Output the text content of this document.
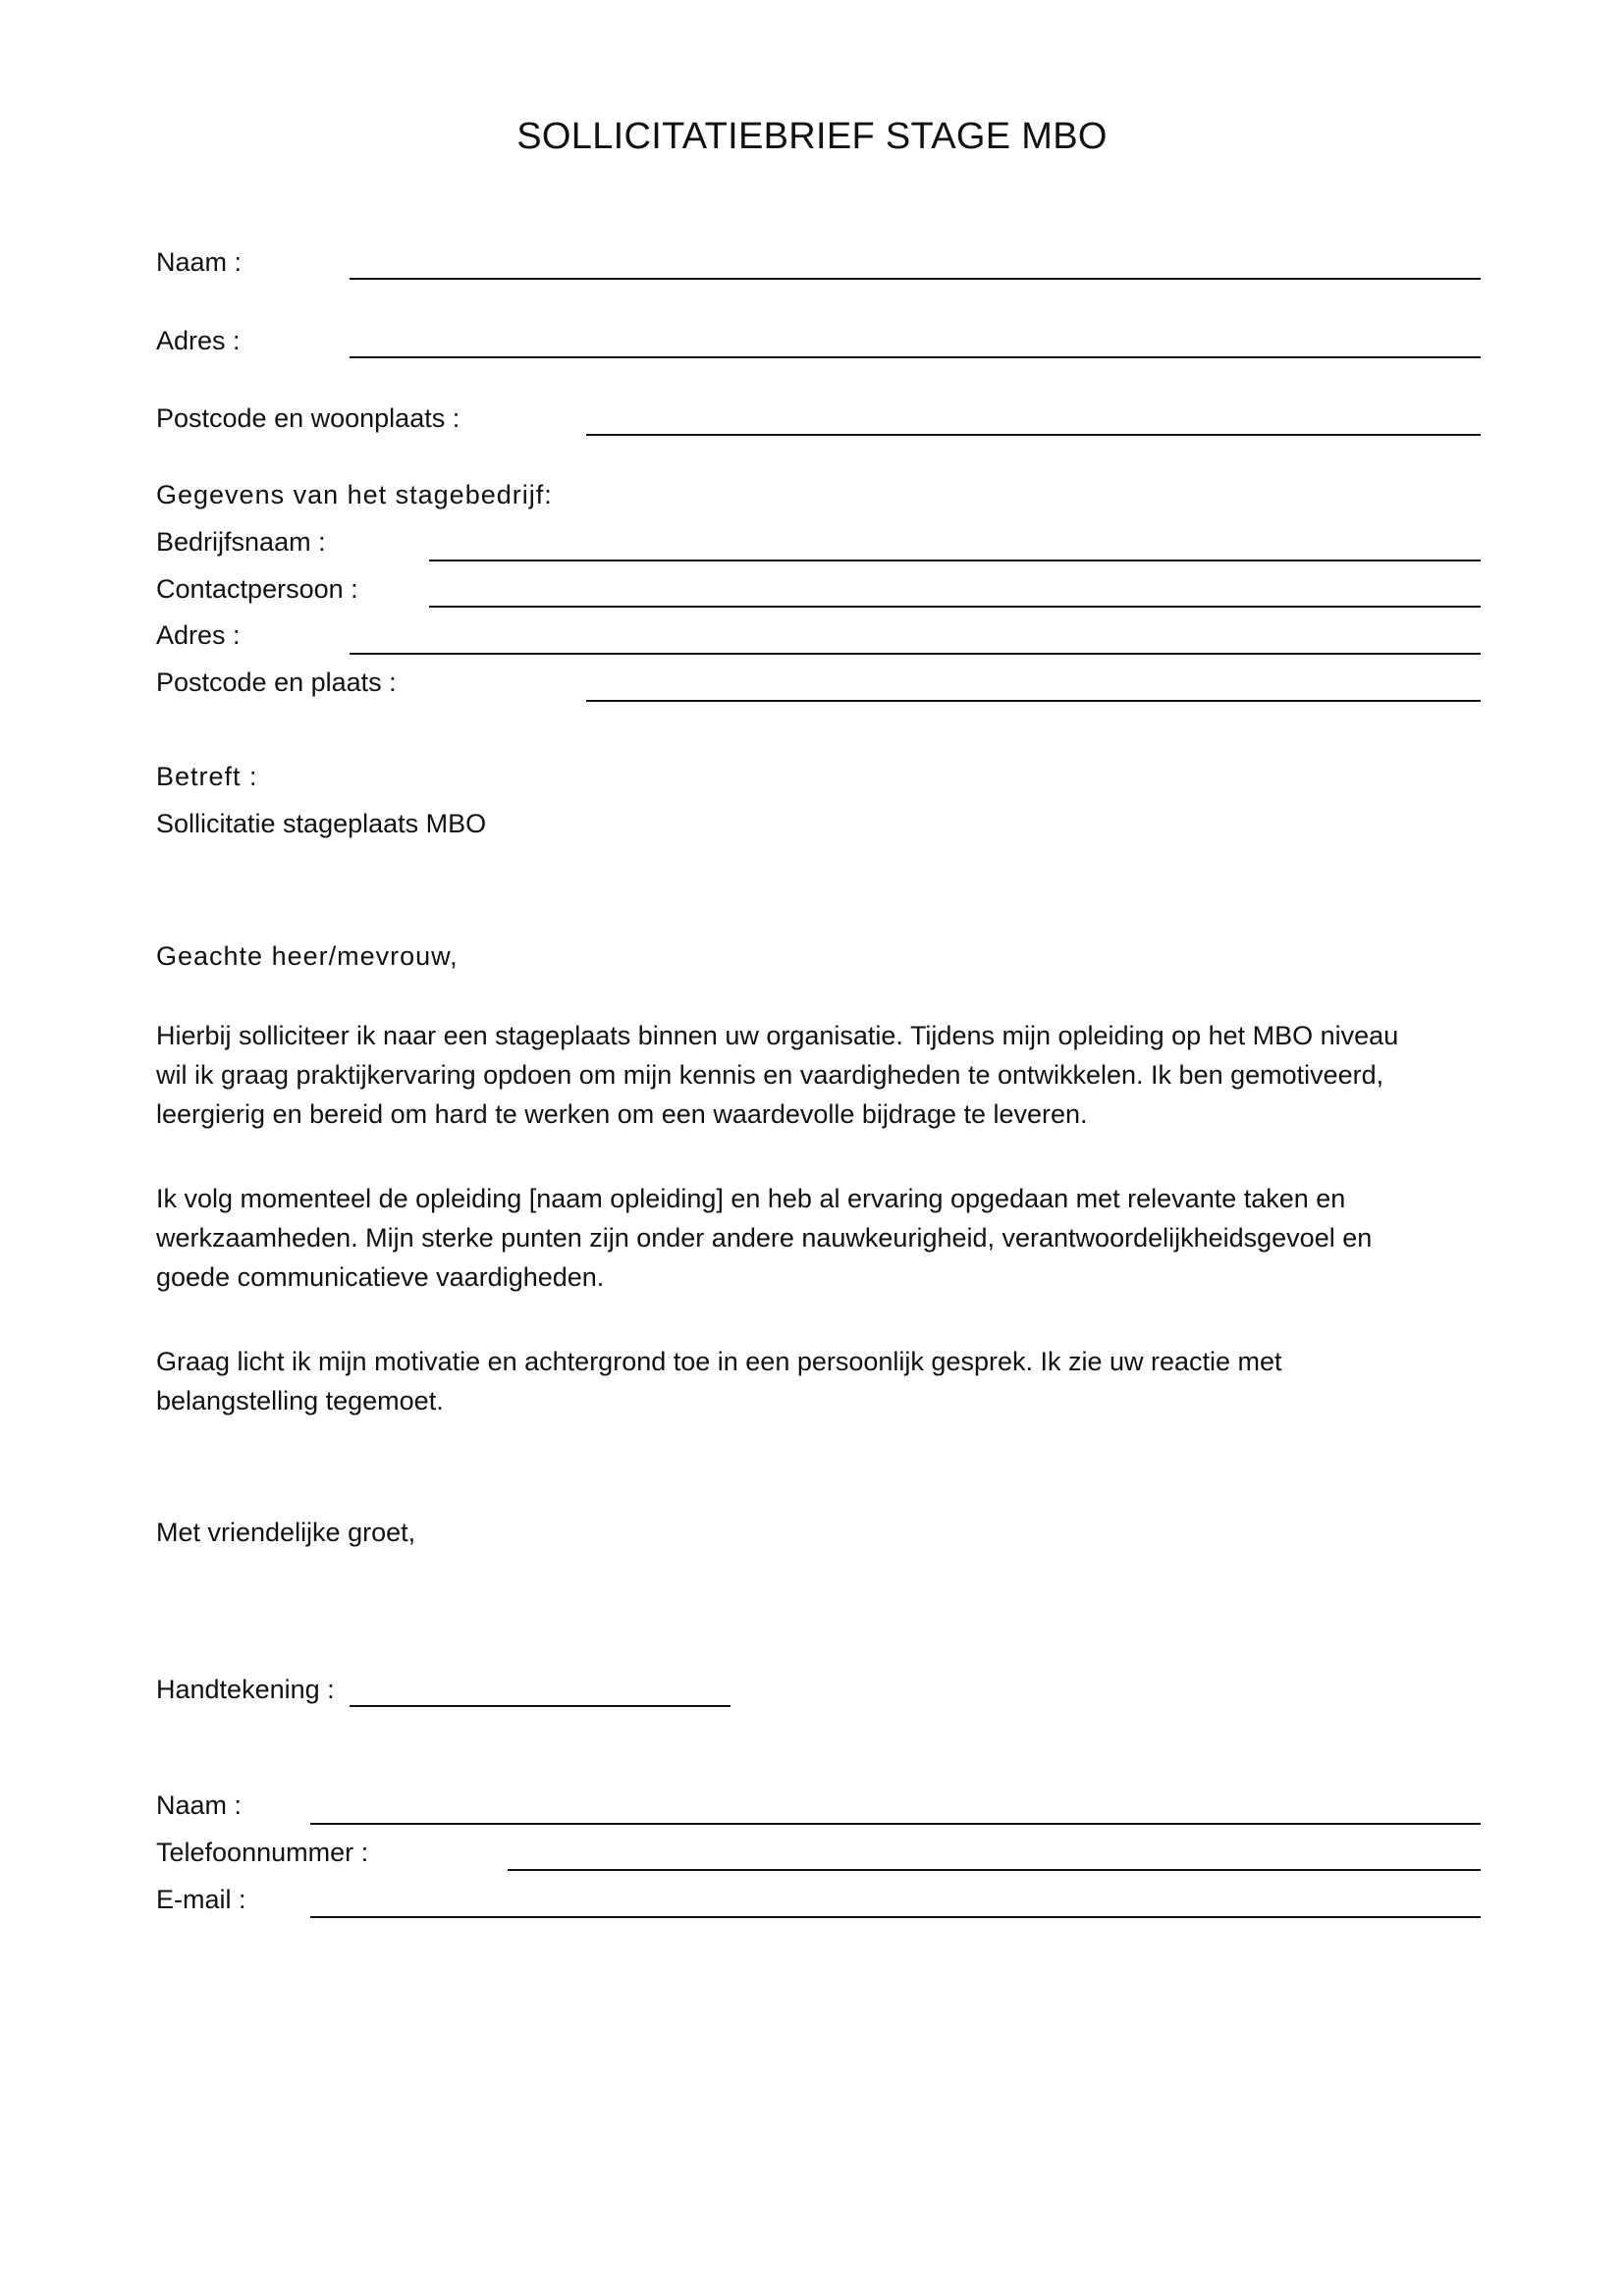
SOLLICITATIEBRIEF STAGE MBO
Naam :
Adres :
Postcode en woonplaats :
Gegevens van het stagebedrijf:
Bedrijfsnaam :
Contactpersoon :
Adres :
Postcode en plaats :
Betreft :
Sollicitatie stageplaats MBO
Geachte heer/mevrouw,

Hierbij solliciteer ik naar een stageplaats binnen uw organisatie. Tijdens mijn opleiding op het MBO niveau

wil ik graag praktijkervaring opdoen om mijn kennis en vaardigheden te ontwikkelen. Ik ben gemotiveerd,

leergierig en bereid om hard te werken om een waardevolle bijdrage te leveren.

Ik volg momenteel de opleiding [naam opleiding] en heb al ervaring opgedaan met relevante taken en

werkzaamheden. Mijn sterke punten zijn onder andere nauwkeurigheid, verantwoordelijkheidsgevoel en

goede communicatieve vaardigheden.

Graag licht ik mijn motivatie en achtergrond toe in een persoonlijk gesprek. Ik zie uw reactie met

belangstelling tegemoet.

Met vriendelijke groet,
Handtekening :
Naam :
Telefoonnummer :
E-mail :
